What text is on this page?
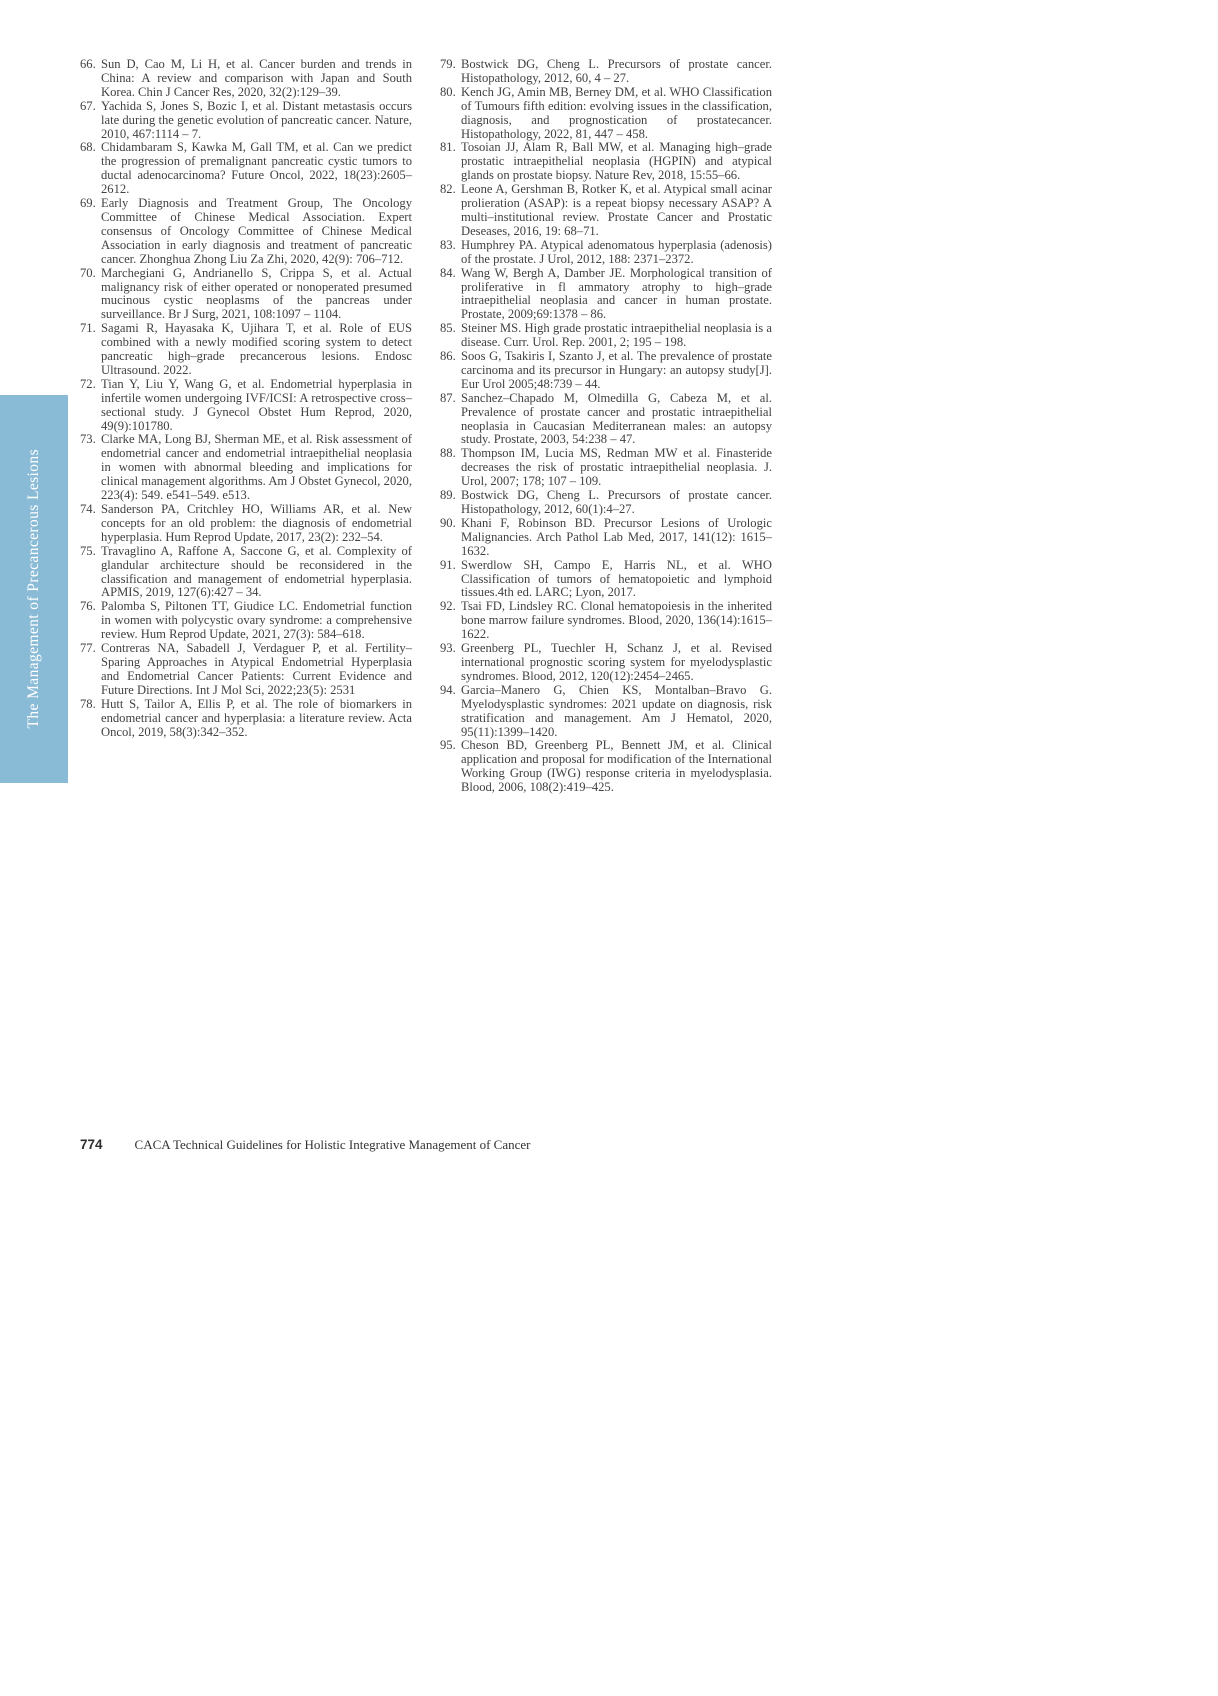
The Management of Precancerous Lesions
66. Sun D, Cao M, Li H, et al. Cancer burden and trends in China: A review and comparison with Japan and South Korea. Chin J Cancer Res, 2020, 32(2):129–39.
67. Yachida S, Jones S, Bozic I, et al. Distant metastasis occurs late during the genetic evolution of pancreatic cancer. Nature, 2010, 467:1114 – 7.
68. Chidambaram S, Kawka M, Gall TM, et al. Can we predict the progression of premalignant pancreatic cystic tumors to ductal adenocarcinoma? Future Oncol, 2022, 18(23):2605–2612.
69. Early Diagnosis and Treatment Group, The Oncology Committee of Chinese Medical Association. Expert consensus of Oncology Committee of Chinese Medical Association in early diagnosis and treatment of pancreatic cancer. Zhonghua Zhong Liu Za Zhi, 2020, 42(9): 706–712.
70. Marchegiani G, Andrianello S, Crippa S, et al. Actual malignancy risk of either operated or nonoperated presumed mucinous cystic neoplasms of the pancreas under surveillance. Br J Surg, 2021, 108:1097 – 1104.
71. Sagami R, Hayasaka K, Ujihara T, et al. Role of EUS combined with a newly modified scoring system to detect pancreatic high–grade precancerous lesions. Endosc Ultrasound. 2022.
72. Tian Y, Liu Y, Wang G, et al. Endometrial hyperplasia in infertile women undergoing IVF/ICSI: A retrospective cross–sectional study. J Gynecol Obstet Hum Reprod, 2020, 49(9):101780.
73. Clarke MA, Long BJ, Sherman ME, et al. Risk assessment of endometrial cancer and endometrial intraepithelial neoplasia in women with abnormal bleeding and implications for clinical management algorithms. Am J Obstet Gynecol, 2020, 223(4): 549. e541–549. e513.
74. Sanderson PA, Critchley HO, Williams AR, et al. New concepts for an old problem: the diagnosis of endometrial hyperplasia. Hum Reprod Update, 2017, 23(2): 232–54.
75. Travaglino A, Raffone A, Saccone G, et al. Complexity of glandular architecture should be reconsidered in the classification and management of endometrial hyperplasia. APMIS, 2019, 127(6):427 – 34.
76. Palomba S, Piltonen TT, Giudice LC. Endometrial function in women with polycystic ovary syndrome: a comprehensive review. Hum Reprod Update, 2021, 27(3): 584–618.
77. Contreras NA, Sabadell J, Verdaguer P, et al. Fertility–Sparing Approaches in Atypical Endometrial Hyperplasia and Endometrial Cancer Patients: Current Evidence and Future Directions. Int J Mol Sci, 2022;23(5): 2531
78. Hutt S, Tailor A, Ellis P, et al. The role of biomarkers in endometrial cancer and hyperplasia: a literature review. Acta Oncol, 2019, 58(3):342–352.
79. Bostwick DG, Cheng L. Precursors of prostate cancer. Histopathology, 2012, 60, 4 – 27.
80. Kench JG, Amin MB, Berney DM, et al. WHO Classification of Tumours fifth edition: evolving issues in the classification, diagnosis, and prognostication of prostatecancer. Histopathology, 2022, 81, 447 – 458.
81. Tosoian JJ, Alam R, Ball MW, et al. Managing high–grade prostatic intraepithelial neoplasia (HGPIN) and atypical glands on prostate biopsy. Nature Rev, 2018, 15:55–66.
82. Leone A, Gershman B, Rotker K, et al. Atypical small acinar prolieration (ASAP): is a repeat biopsy necessary ASAP? A multi–institutional review. Prostate Cancer and Prostatic Deseases, 2016, 19: 68–71.
83. Humphrey PA. Atypical adenomatous hyperplasia (adenosis) of the prostate. J Urol, 2012, 188: 2371–2372.
84. Wang W, Bergh A, Damber JE. Morphological transition of proliferative in fl ammatory atrophy to high–grade intraepithelial neoplasia and cancer in human prostate. Prostate, 2009;69:1378 – 86.
85. Steiner MS. High grade prostatic intraepithelial neoplasia is a disease. Curr. Urol. Rep. 2001, 2; 195 – 198.
86. Soos G, Tsakiris I, Szanto J, et al. The prevalence of prostate carcinoma and its precursor in Hungary: an autopsy study[J]. Eur Urol 2005;48:739 – 44.
87. Sanchez–Chapado M, Olmedilla G, Cabeza M, et al. Prevalence of prostate cancer and prostatic intraepithelial neoplasia in Caucasian Mediterranean males: an autopsy study. Prostate, 2003, 54:238 – 47.
88. Thompson IM, Lucia MS, Redman MW et al. Finasteride decreases the risk of prostatic intraepithelial neoplasia. J. Urol, 2007; 178; 107 – 109.
89. Bostwick DG, Cheng L. Precursors of prostate cancer. Histopathology, 2012, 60(1):4–27.
90. Khani F, Robinson BD. Precursor Lesions of Urologic Malignancies. Arch Pathol Lab Med, 2017, 141(12): 1615–1632.
91. Swerdlow SH, Campo E, Harris NL, et al. WHO Classification of tumors of hematopoietic and lymphoid tissues.4th ed. LARC; Lyon, 2017.
92. Tsai FD, Lindsley RC. Clonal hematopoiesis in the inherited bone marrow failure syndromes. Blood, 2020, 136(14):1615–1622.
93. Greenberg PL, Tuechler H, Schanz J, et al. Revised international prognostic scoring system for myelodysplastic syndromes. Blood, 2012, 120(12):2454–2465.
94. Garcia–Manero G, Chien KS, Montalban–Bravo G. Myelodysplastic syndromes: 2021 update on diagnosis, risk stratification and management. Am J Hematol, 2020, 95(11):1399–1420.
95. Cheson BD, Greenberg PL, Bennett JM, et al. Clinical application and proposal for modification of the International Working Group (IWG) response criteria in myelodysplasia. Blood, 2006, 108(2):419–425.
774 CACA Technical Guidelines for Holistic Integrative Management of Cancer
